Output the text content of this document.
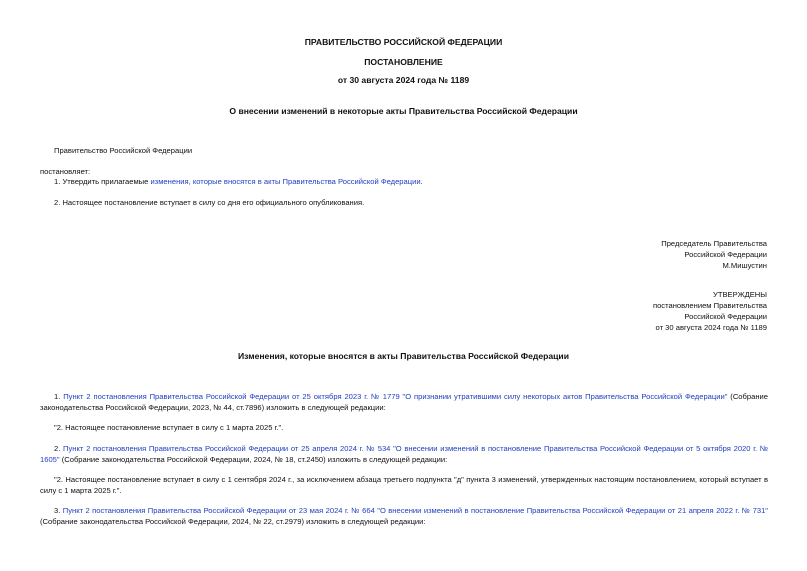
ПРАВИТЕЛЬСТВО РОССИЙСКОЙ ФЕДЕРАЦИИ
ПОСТАНОВЛЕНИЕ
от 30 августа 2024 года № 1189
О внесении изменений в некоторые акты Правительства Российской Федерации
Правительство Российской Федерации
постановляет:
1. Утвердить прилагаемые изменения, которые вносятся в акты Правительства Российской Федерации.
2. Настоящее постановление вступает в силу со дня его официального опубликования.
Председатель Правительства
Российской Федерации
М.Мишустин
УТВЕРЖДЕНЫ
постановлением Правительства
Российской Федерации
от 30 августа 2024 года № 1189
Изменения, которые вносятся в акты Правительства Российской Федерации
1. Пункт 2 постановления Правительства Российской Федерации от 25 октября 2023 г. № 1779 "О признании утратившими силу некоторых актов Правительства Российской Федерации" (Собрание законодательства Российской Федерации, 2023, № 44, ст.7896) изложить в следующей редакции:
"2. Настоящее постановление вступает в силу с 1 марта 2025 г.".
2. Пункт 2 постановления Правительства Российской Федерации от 25 апреля 2024 г. № 534 "О внесении изменений в постановление Правительства Российской Федерации от 5 октября 2020 г. № 1605" (Собрание законодательства Российской Федерации, 2024, № 18, ст.2450) изложить в следующей редакции:
"2. Настоящее постановление вступает в силу с 1 сентября 2024 г., за исключением абзаца третьего подпункта "д" пункта 3 изменений, утвержденных настоящим постановлением, который вступает в силу с 1 марта 2025 г.".
3. Пункт 2 постановления Правительства Российской Федерации от 23 мая 2024 г. № 664 "О внесении изменений в постановление Правительства Российской Федерации от 21 апреля 2022 г. № 731" (Собрание законодательства Российской Федерации, 2024, № 22, ст.2979) изложить в следующей редакции:
